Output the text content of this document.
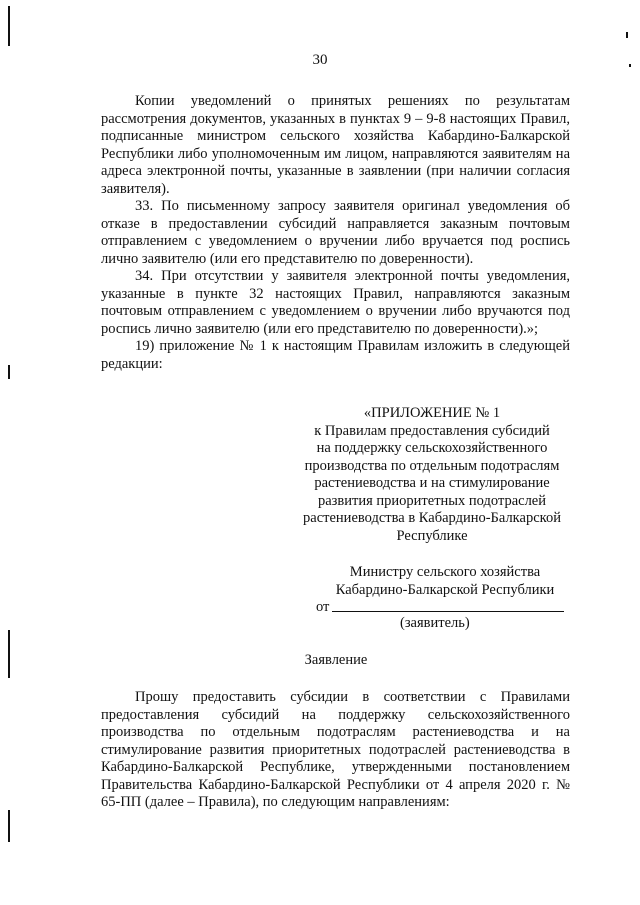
30

Копии уведомлений о принятых решениях по результатам рассмотрения документов, указанных в пунктах 9 – 9-8 настоящих Правил, подписанные министром сельского хозяйства Кабардино-Балкарской Республики либо уполномоченным им лицом, направляются заявителям на адреса электронной почты, указанные в заявлении (при наличии согласия заявителя).

33. По письменному запросу заявителя оригинал уведомления об отказе в предоставлении субсидий направляется заказным почтовым отправлением с уведомлением о вручении либо вручается под роспись лично заявителю (или его представителю по доверенности).

34. При отсутствии у заявителя электронной почты уведомления, указанные в пункте 32 настоящих Правил, направляются заказным почтовым отправлением с уведомлением о вручении либо вручаются под роспись лично заявителю (или его представителю по доверенности).»;

19) приложение № 1 к настоящим Правилам изложить в следующей редакции:

«ПРИЛОЖЕНИЕ № 1
к Правилам предоставления субсидий
на поддержку сельскохозяйственного
производства по отдельным подотраслям
растениеводства и на стимулирование
развития приоритетных подотраслей
растениеводства в Кабардино-Балкарской
Республике
Министру сельского хозяйства
Кабардино-Балкарской Республики
от
(заявитель)
Заявление

Прошу предоставить субсидии в соответствии с Правилами предоставления субсидий на поддержку сельскохозяйственного производства по отдельным подотраслям растениеводства и на стимулирование развития приоритетных подотраслей растениеводства в Кабардино-Балкарской Республике, утвержденными постановлением Правительства Кабардино-Балкарской Республики от 4 апреля 2020 г. № 65-ПП (далее – Правила), по следующим направлениям:
